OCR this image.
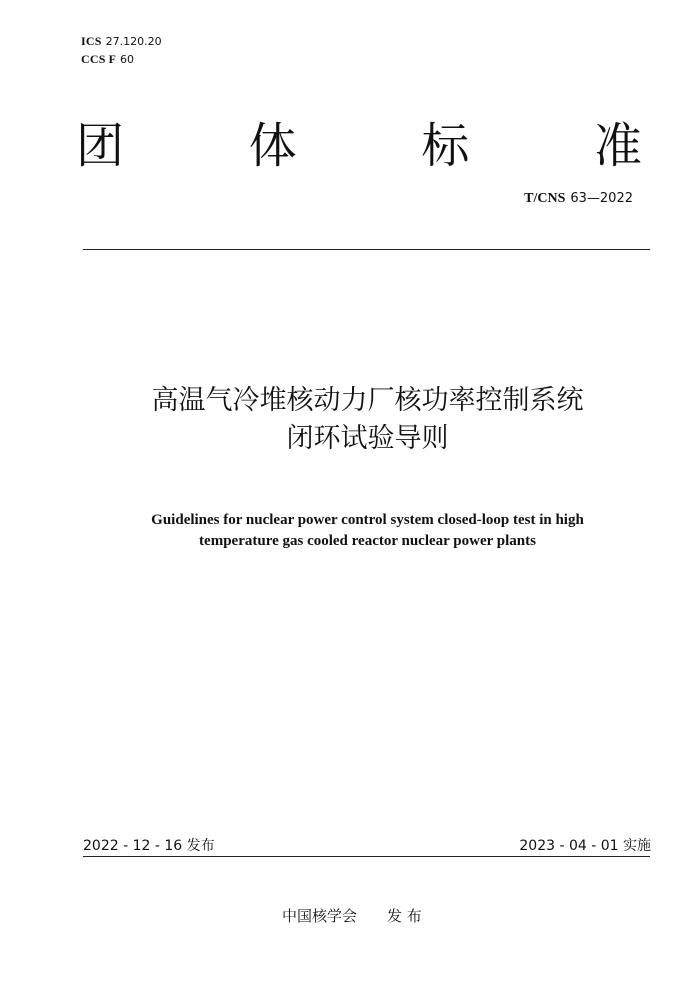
ICS 27.120.20
CCS F 60
团	体	标	准
T/CNS 63—2022
高温气冷堆核动力厂核功率控制系统
闭环试验导则
Guidelines for nuclear power control system closed-loop test in high
temperature gas cooled reactor nuclear power plants
2022 - 12 - 16 发布	2023 - 04 - 01 实施
中国核学会 发 布
